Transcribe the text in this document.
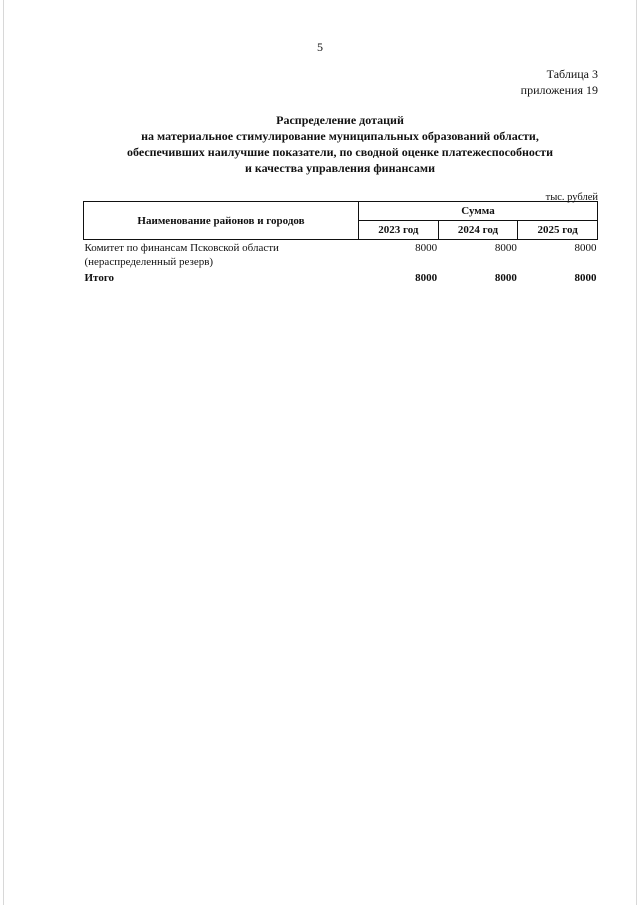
5
Таблица 3
приложения 19
Распределение дотаций
на материальное стимулирование муниципальных образований области,
обеспечивших наилучшие показатели, по сводной оценке платежеспособности
и качества управления финансами
тыс. рублей
Наименование районов и городов	Сумма		
	2023 год	2024 год	2025 год

Комитет по финансам Псковской области
(нераспределенный резерв)	8000	8000	8000
Итого	8000	8000	8000
